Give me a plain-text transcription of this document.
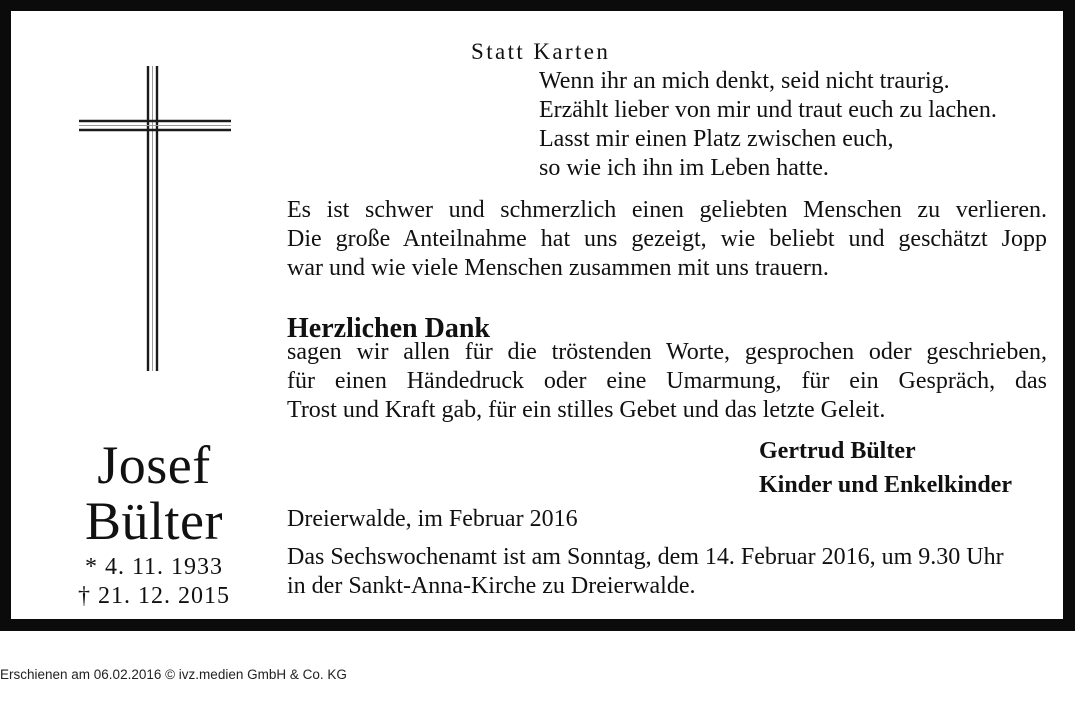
Josef
Bülter
* 4. 11. 1933
† 21. 12. 2015
Statt Karten
Wenn ihr an mich denkt, seid nicht traurig.
Erzählt lieber von mir und traut euch zu lachen.
Lasst mir einen Platz zwischen euch,
so wie ich ihn im Leben hatte.
Es ist schwer und schmerzlich einen geliebten Menschen zu verlieren.
Die große Anteilnahme hat uns gezeigt, wie beliebt und geschätzt Jopp
war und wie viele Menschen zusammen mit uns trauern.
Herzlichen Dank
sagen wir allen für die tröstenden Worte, gesprochen oder geschrieben,
für einen Händedruck oder eine Umarmung, für ein Gespräch, das
Trost und Kraft gab, für ein stilles Gebet und das letzte Geleit.
Gertrud Bülter
Kinder und Enkelkinder
Dreierwalde, im Februar 2016
Das Sechswochenamt ist am Sonntag, dem 14. Februar 2016, um 9.30 Uhr
in der Sankt-Anna-Kirche zu Dreierwalde.
Erschienen am 06.02.2016 © ivz.medien GmbH & Co. KG
